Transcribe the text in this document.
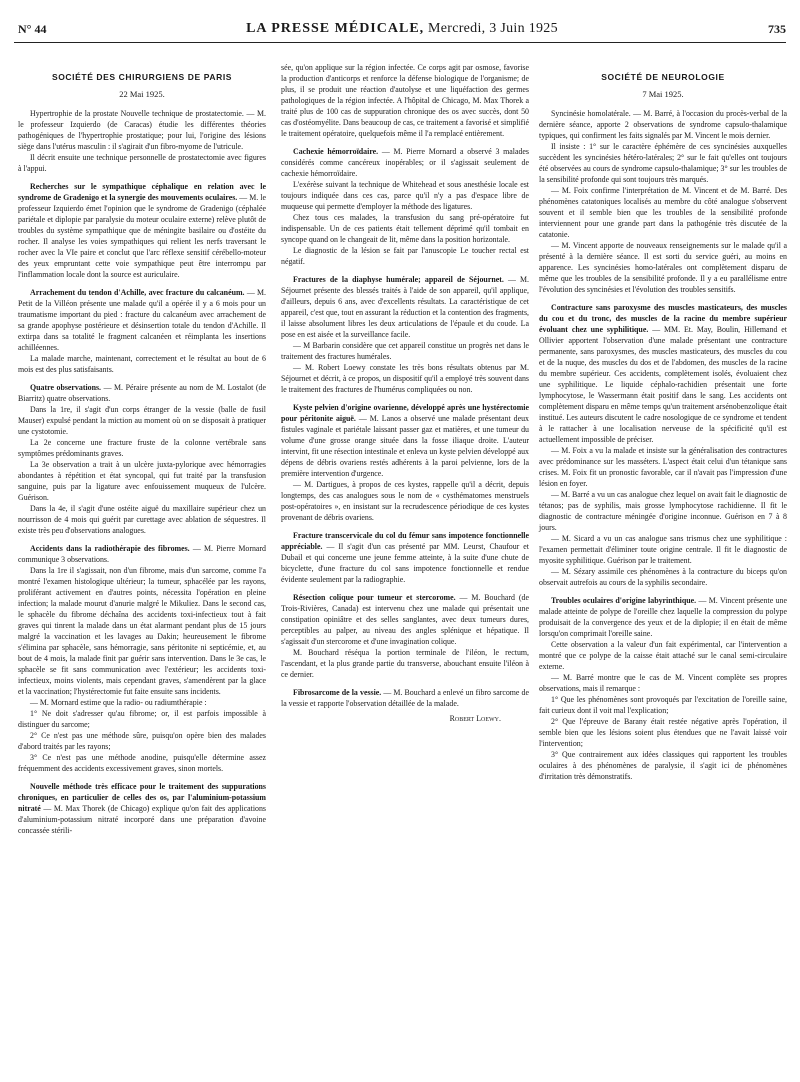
N° 44	LA PRESSE MÉDICALE, Mercredi, 3 Juin 1925	735
SOCIÉTÉ DES CHIRURGIENS DE PARIS
22 Mai 1925.

Hypertrophie de la prostate Nouvelle technique de prostatectomie. — M. le professeur Izquierdo (de Caracas) étudie les différentes théories pathogéniques de l'hypertrophie prostatique; pour lui, l'origine des lésions siège dans l'utérus masculin : il s'agirait d'un fibro-myome de l'utricule.

Il décrit ensuite une technique personnelle de prostatectomie avec figures à l'appui.

Recherches sur le sympathique céphalique en relation avec le syndrome de Gradenigo et la synergie des mouvements oculaires. — M. le professeur Izquierdo émet l'opinion que le syndrome de Gradenigo (céphalée pariétale et diplopie par paralysie du moteur oculaire externe) relève plutôt de troubles du système sympathique que de méningite basilaire ou d'ostéite du rocher. Il analyse les voies sympathiques qui relient les nerfs traversant le rocher avec la VIe paire et conclut que l'arc réflexe sensitif cérébello-moteur des yeux empruntant cette voie sympathique peut être interrompu par l'inflammation locale dont la source est auriculaire.

Arrachement du tendon d'Achille, avec fracture du calcanéum. — M. Petit de la Villéon présente une malade qu'il a opérée il y a 6 mois pour un traumatisme important du pied : fracture du calcanéum avec arrachement de sa grande apophyse postérieure et désinsertion totale du tendon d'Achille. Il extirpa dans sa totalité le fragment calcanéen et réimplanta les insertions achilléennes.

La malade marche, maintenant, correctement et le résultat au bout de 6 mois est des plus satisfaisants.

Quatre observations. — M. Péraire présente au nom de M. Lostalot (de Biarritz) quatre observations.

Dans la 1re, il s'agit d'un corps étranger de la vessie (balle de fusil Mauser) expulsé pendant la miction au moment où on se disposait à pratiquer une cystotomie.

La 2e concerne une fracture fruste de la colonne vertébrale sans symptômes prédominants graves.

La 3e observation a trait à un ulcère juxta-pylorique avec hémorragies abondantes à répétition et état syncopal, qui fut traité par la transfusion sanguine, puis par la ligature avec enfouissement muqueux de l'ulcère. Guérison.

Dans la 4e, il s'agit d'une ostéite aiguë du maxillaire supérieur chez un nourrisson de 4 mois qui guérit par curettage avec ablation de séquestres. Il existe très peu d'observations analogues.

Accidents dans la radiothérapie des fibromes. — M. Pierre Mornard communique 3 observations.

Dans la 1re il s'agissait, non d'un fibrome, mais d'un sarcome, comme l'a montré l'examen histologique ultérieur; la tumeur, sphacélée par les rayons, proliférant activement en d'autres points, nécessita l'opération en pleine infection; la malade mourut d'anurie malgré le Mikuliez. Dans le second cas, le sphacèle du fibrome déchaîna des accidents toxi-infectieux tout à fait graves qui tinrent la malade dans un état alarmant pendant plus de 15 jours malgré la vaccination et les lavages au Dakin; heureusement le fibrome s'élimina par sphacèle, sans hémorragie, sans péritonite ni septicémie, et, au bout de 4 mois, la malade finit par guérir sans intervention. Dans le 3e cas, le sphacèle se fit sans communication avec l'extérieur; les accidents toxi-infectieux, moins violents, mais cependant graves, s'amendèrent par la glace et la vaccination; l'hystérectomie fut faite ensuite sans incidents.

— M. Mornard estime que la radio- ou radiumthérapie :

1° Ne doit s'adresser qu'au fibrome; or, il est parfois impossible à distinguer du sarcome;

2° Ce n'est pas une méthode sûre, puisqu'on opère bien des malades d'abord traités par les rayons;

3° Ce n'est pas une méthode anodine, puisqu'elle détermine assez fréquemment des accidents excessivement graves, sinon mortels.

Nouvelle méthode très efficace pour le traitement des suppurations chroniques, en particulier de celles des os, par l'aluminium-potassium nitraté — M. Max Thorek (de Chicago) explique qu'on fait des applications d'aluminium-potassium nitraté incorporé dans une préparation d'avoine concassée stérili-

sée, qu'on applique sur la région infectée. Ce corps agit par osmose, favorise la production d'anticorps et renforce la défense biologique de l'organisme; de plus, il se produit une réaction d'autolyse et une liquéfaction des germes pathologiques de la région infectée. A l'hôpital de Chicago, M. Max Thorek a traité plus de 100 cas de suppuration chronique des os avec succès, dont 50 cas d'ostéomyélite. Dans beaucoup de cas, ce traitement a favorisé et simplifié le traitement opératoire, quelquefois même il l'a remplacé entièrement.

Cachexie hémorroïdaire. — M. Pierre Mornard a observé 3 malades considérés comme cancéreux inopérables; or il s'agissait seulement de cachexie hémorroïdaire.

L'exérèse suivant la technique de Whitehead et sous anesthésie locale est toujours indiquée dans ces cas, parce qu'il n'y a pas d'espace libre de muqueuse qui permette d'employer la méthode des ligatures.

Chez tous ces malades, la transfusion du sang pré-opératoire fut indispensable. Un de ces patients était tellement déprimé qu'il tombait en syncope quand on le changeait de lit, même dans la position horizontale.

Le diagnostic de la lésion se fait par l'anuscopie Le toucher rectal est négatif.

Fractures de la diaphyse humérale; appareil de Séjournet. — M. Séjournet présente des blessés traités à l'aide de son appareil, qu'il applique, d'ailleurs, depuis 6 ans, avec d'excellents résultats. La caractéristique de cet appareil, c'est que, tout en assurant la réduction et la contention des fragments, il laisse absolument libres les deux articulations de l'épaule et du coude. La pose en est aisée et la surveillance facile.

— M Barbarin considère que cet appareil constitue un progrès net dans le traitement des fractures humérales.

— M. Robert Loewy constate les très bons résultats obtenus par M. Séjournet et décrit, à ce propos, un dispositif qu'il a employé très souvent dans le traitement des fractures de l'humérus compliquées ou non.

Kyste pelvien d'origine ovarienne, développé après une hystérectomie pour péritonite aiguë. — M. Lanos a observé une malade présentant deux fistules vaginale et pariétale laissant passer gaz et matières, et une tumeur du volume d'une grosse orange située dans la fosse iliaque droite. L'auteur intervint, fit une résection intestinale et enleva un kyste pelvien développé aux dépens de débris ovariens restés adhérents à la paroi pelvienne, lors de la première intervention d'urgence.

— M. Dartigues, à propos de ces kystes, rappelle qu'il a décrit, depuis longtemps, des cas analogues sous le nom de « cysthématomes menstruels post-opératoires », en insistant sur la recrudescence périodique de ces kystes provenant de débris ovariens.

Fracture transcervicale du col du fémur sans impotence fonctionnelle appréciable. — Il s'agit d'un cas présenté par MM. Leurst, Chaufour et Dubail et qui concerne une jeune femme atteinte, à la suite d'une chute de bicyclette, d'une fracture du col sans impotence fonctionnelle et rendue évidente seulement par la radiographie.

Résection colique pour tumeur et stercorome. — M. Bouchard (de Trois-Rivières, Canada) est intervenu chez une malade qui présentait une constipation opiniâtre et des selles sanglantes, avec deux tumeurs dures, perceptibles au palper, au niveau des angles splénique et hépatique. Il s'agissait d'un stercorome et d'une invagination colique.

M. Bouchard réséqua la portion terminale de l'iléon, le rectum, l'ascendant, et la plus grande partie du transverse, abouchant ensuite l'iléon à ce dernier.

Fibrosarcome de la vessie. — M. Bouchard a enlevé un fibro sarcome de la vessie et rapporte l'observation détaillée de la malade.

Robert Loewy.
SOCIÉTÉ DE NEUROLOGIE
7 Mai 1925.

Syncinésie homolatérale. — M. Barré, à l'occasion du procès-verbal de la dernière séance, apporte 2 observations de syndrome capsulo-thalamique typiques, qui confirment les faits signalés par M. Vincent le mois dernier.

Il insiste : 1° sur le caractère éphémère de ces syncinésies auxquelles succèdent les syncinésies hétéro-latérales; 2° sur le fait qu'elles ont toujours été observées au cours de syndrome capsulo-thalamique; 3° sur les troubles de la sensibilité profonde qui sont toujours très marqués.

— M. Foix confirme l'interprétation de M. Vincent et de M. Barré. Des phénomènes catatoniques localisés au membre du côté analogue s'observent souvent et il semble bien que les troubles de la sensibilité profonde interviennent pour une grande part dans la pathogénie très discutée de la catatonie.

— M. Vincent apporte de nouveaux renseignements sur le malade qu'il a présenté à la dernière séance. Il est sorti du service guéri, au moins en apparence. Les syncinésies homo-latérales ont complètement disparu de même que les troubles de la sensibilité profonde. Il y a eu parallélisme entre l'évolution des syncinésies et l'évolution des troubles sensitifs.

Contracture sans paroxysme des muscles masticateurs, des muscles du cou et du tronc, des muscles de la racine du membre supérieur évoluant chez une syphilitique. — MM. Et. May, Boulin, Hillemand et Ollivier apportent l'observation d'une malade présentant une contracture permanente, sans paroxysmes, des muscles masticateurs, des muscles du cou et de la nuque, des muscles du dos et de l'abdomen, des muscles de la racine du membre supérieur. Ces accidents, complètement isolés, évoluaient chez une syphilitique. Le liquide céphalo-rachidien présentait une forte lymphocytose, le Wassermann était positif dans le sang. Les accidents ont complètement disparu en même temps qu'un traitement arsénobenzolique était institué. Les auteurs discutent le cadre nosologique de ce syndrome et tendent à le rattacher à une localisation nerveuse de la spécificité qu'il est actuellement impossible de préciser.

— M. Foix a vu la malade et insiste sur la généralisation des contractures avec prédominance sur les masséters. L'aspect était celui d'un tétanique sans crises. M. Foix fit un pronostic favorable, car il n'avait pas l'impression d'une lésion en foyer.

— M. Barré a vu un cas analogue chez lequel on avait fait le diagnostic de tétanos; pas de syphilis, mais grosse lymphocytose rachidienne. Il fit le diagnostic de contracture méningée d'origine inconnue. Guérison en 7 à 8 jours.

— M. Sicard a vu un cas analogue sans trismus chez une syphilitique : l'examen permettait d'éliminer toute origine centrale. Il fit le diagnostic de myosite syphilitique. Guérison par le traitement.

— M. Sézary assimile ces phénomènes à la contracture du biceps qu'on observait autrefois au cours de la syphilis secondaire.

Troubles oculaires d'origine labyrinthique. — M. Vincent présente une malade atteinte de polype de l'oreille chez laquelle la compression du polype produisait de la convergence des yeux et de la diplopie; il en était de même lorsqu'on comprimait l'oreille saine.

Cette observation a la valeur d'un fait expérimental, car l'intervention a montré que ce polype de la caisse était attaché sur le canal semi-circulaire externe.

— M. Barré montre que le cas de M. Vincent complète ses propres observations, mais il remarque :

1° Que les phénomènes sont provoqués par l'excitation de l'oreille saine, fait curieux dont il voit mal l'explication;

2° Que l'épreuve de Barany était restée négative après l'opération, il semble bien que les lésions soient plus étendues que ne l'avait laissé voir l'intervention;

3° Que contrairement aux idées classiques qui rapportent les troubles oculaires à des phénomènes de paralysie, il s'agit ici de phénomènes d'irritation très démonstratifs.
